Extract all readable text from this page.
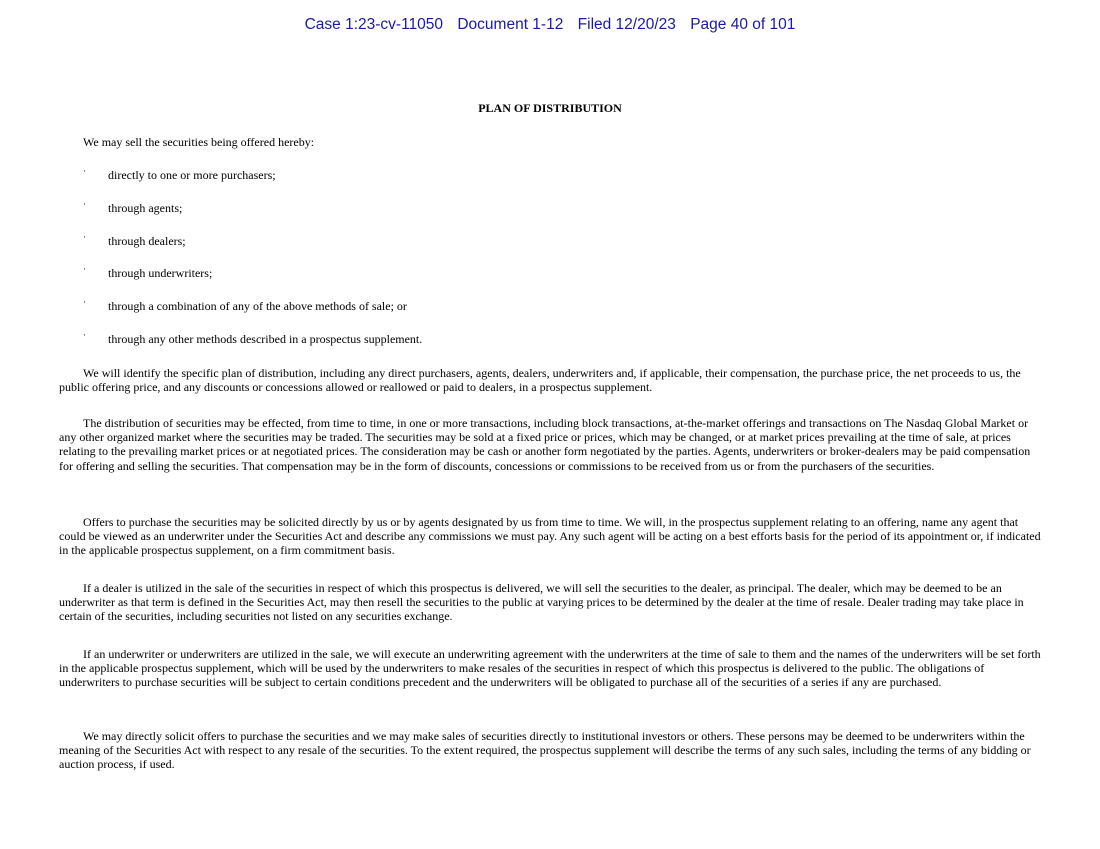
Case 1:23-cv-11050 Document 1-12 Filed 12/20/23 Page 40 of 101
PLAN OF DISTRIBUTION
We may sell the securities being offered hereby:
· directly to one or more purchasers;
· through agents;
· through dealers;
· through underwriters;
· through a combination of any of the above methods of sale; or
· through any other methods described in a prospectus supplement.
We will identify the specific plan of distribution, including any direct purchasers, agents, dealers, underwriters and, if applicable, their compensation, the purchase price, the net proceeds to us, the public offering price, and any discounts or concessions allowed or reallowed or paid to dealers, in a prospectus supplement.
The distribution of securities may be effected, from time to time, in one or more transactions, including block transactions, at-the-market offerings and transactions on The Nasdaq Global Market or any other organized market where the securities may be traded. The securities may be sold at a fixed price or prices, which may be changed, or at market prices prevailing at the time of sale, at prices relating to the prevailing market prices or at negotiated prices. The consideration may be cash or another form negotiated by the parties. Agents, underwriters or broker-dealers may be paid compensation for offering and selling the securities. That compensation may be in the form of discounts, concessions or commissions to be received from us or from the purchasers of the securities.
Offers to purchase the securities may be solicited directly by us or by agents designated by us from time to time. We will, in the prospectus supplement relating to an offering, name any agent that could be viewed as an underwriter under the Securities Act and describe any commissions we must pay. Any such agent will be acting on a best efforts basis for the period of its appointment or, if indicated in the applicable prospectus supplement, on a firm commitment basis.
If a dealer is utilized in the sale of the securities in respect of which this prospectus is delivered, we will sell the securities to the dealer, as principal. The dealer, which may be deemed to be an underwriter as that term is defined in the Securities Act, may then resell the securities to the public at varying prices to be determined by the dealer at the time of resale. Dealer trading may take place in certain of the securities, including securities not listed on any securities exchange.
If an underwriter or underwriters are utilized in the sale, we will execute an underwriting agreement with the underwriters at the time of sale to them and the names of the underwriters will be set forth in the applicable prospectus supplement, which will be used by the underwriters to make resales of the securities in respect of which this prospectus is delivered to the public. The obligations of underwriters to purchase securities will be subject to certain conditions precedent and the underwriters will be obligated to purchase all of the securities of a series if any are purchased.
We may directly solicit offers to purchase the securities and we may make sales of securities directly to institutional investors or others. These persons may be deemed to be underwriters within the meaning of the Securities Act with respect to any resale of the securities. To the extent required, the prospectus supplement will describe the terms of any such sales, including the terms of any bidding or auction process, if used.
